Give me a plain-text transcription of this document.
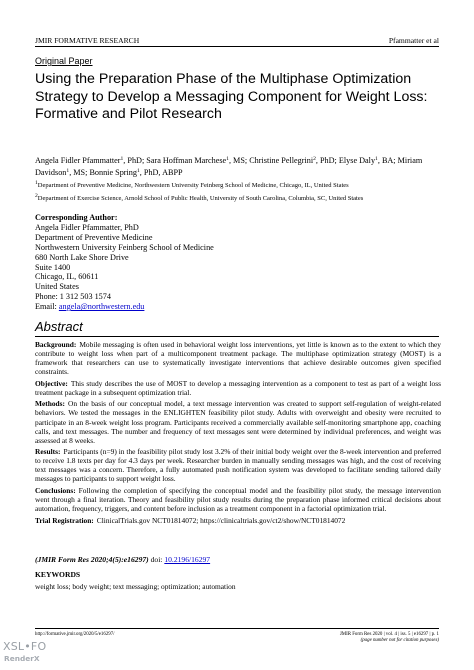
JMIR FORMATIVE RESEARCH	Pfammatter et al
Original Paper
Using the Preparation Phase of the Multiphase Optimization Strategy to Develop a Messaging Component for Weight Loss: Formative and Pilot Research
Angela Fidler Pfammatter$^1$, PhD; Sara Hoffman Marchese$^1$, MS; Christine Pellegrini$^2$, PhD; Elyse Daly$^1$, BA; Miriam Davidson$^1$, MS; Bonnie Spring$^1$, PhD, ABPP
$^1$Department of Preventive Medicine, Northwestern University Feinberg School of Medicine, Chicago, IL, United States
$^2$Department of Exercise Science, Arnold School of Public Health, University of South Carolina, Columbia, SC, United States
Corresponding Author:
Angela Fidler Pfammatter, PhD
Department of Preventive Medicine
Northwestern University Feinberg School of Medicine
680 North Lake Shore Drive
Suite 1400
Chicago, IL, 60611
United States
Phone: 1 312 503 1574
Email: angela@northwestern.edu
Abstract

Background: Mobile messaging is often used in behavioral weight loss interventions, yet little is known as to the extent to which they contribute to weight loss when part of a multicomponent treatment package. The multiphase optimization strategy (MOST) is a framework that researchers can use to systematically investigate interventions that achieve desirable outcomes given specified constraints.

Objective: This study describes the use of MOST to develop a messaging intervention as a component to test as part of a weight loss treatment package in a subsequent optimization trial.

Methods: On the basis of our conceptual model, a text message intervention was created to support self-regulation of weight-related behaviors. We tested the messages in the ENLIGHTEN feasibility pilot study. Adults with overweight and obesity were recruited to participate in an 8-week weight loss program. Participants received a commercially available self-monitoring smartphone app, coaching calls, and text messages. The number and frequency of text messages sent were determined by individual preferences, and weight was assessed at 8 weeks.

Results: Participants (n=9) in the feasibility pilot study lost 3.2% of their initial body weight over the 8-week intervention and preferred to receive 1.8 texts per day for 4.3 days per week. Researcher burden in manually sending messages was high, and the cost of receiving text messages was a concern. Therefore, a fully automated push notification system was developed to facilitate sending tailored daily messages to participants to support weight loss.

Conclusions: Following the completion of specifying the conceptual model and the feasibility pilot study, the message intervention went through a final iteration. Theory and feasibility pilot study results during the preparation phase informed critical decisions about automation, frequency, triggers, and content before inclusion as a treatment component in a factorial optimization trial.

Trial Registration: ClinicalTrials.gov NCT01814072; https://clinicaltrials.gov/ct2/show/NCT01814072

(JMIR Form Res 2020;4(5):e16297) doi: 10.2196/16297
KEYWORDS
weight loss; body weight; text messaging; optimization; automation
http://formative.jmir.org/2020/5/e16297/	JMIR Form Res 2020 | vol. 4 | iss. 5 | e16297 | p. 1
(page number not for citation purposes)
XSL•FO
RenderX
